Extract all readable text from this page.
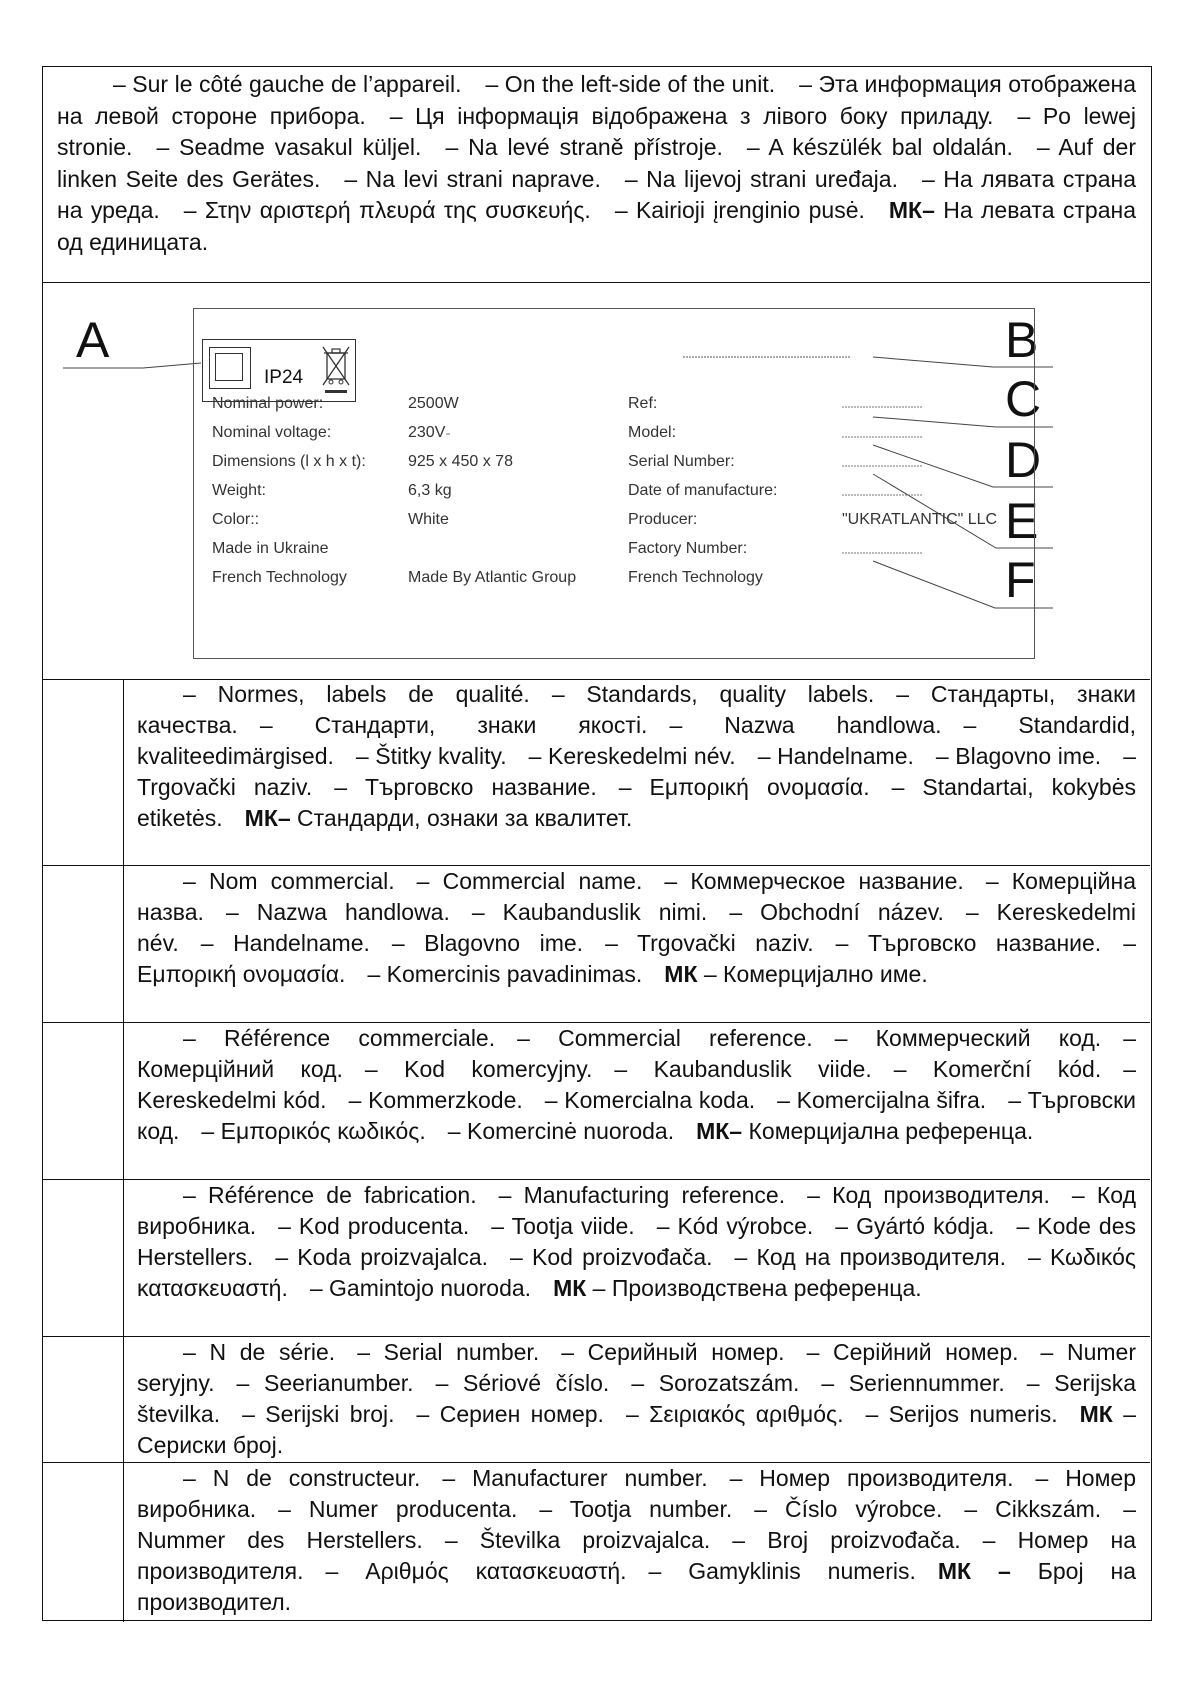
– Sur le côté gauche de l’appareil. – On the left-side of the unit. – Эта информация отображена на левой стороне прибора. – Ця інформація відображена з лівого боку приладу. – Po lewej stronie. – Seadme vasakul küljel. – Na levé straně přístroje. – A készülék bal oldalán. – Auf der linken Seite des Gerätes. – Na levi strani naprave. – Na lijevoj strani uređaja. – На лявата страна на уреда. – Στην αριστερή πλευρά της συσκευής. – Kairioji įrenginio pusė. МК– На левата страна од единицата.
A	B
C
D
E
F
IP24
Nominal power:
Nominal voltage:
Dimensions (l x h x t):
Weight:
Color::
Made in Ukraine
French Technology
2500W
230V
925 x 450 x 78
6,3 kg
White
Made By Atlantic Group
Ref:
Model:
Serial Number:
Date of manufacture:
Producer:
Factory Number:
French Technology
"UKRATLANTIC" LLC
– Normes, labels de qualité. – Standards, quality labels. – Стандарты, знаки качества. – Стандарти, знаки якості. – Nazwa handlowa. – Standardid, kvaliteedimärgised. – Štitky kvality. – Kereskedelmi név. – Handelname. – Blagovno ime. – Trgovački naziv. – Търговско название. – Εμπορική ονομασία. – Standartai, kokybės etiketės. МК– Стандарди, ознаки за квалитет.
– Nom commercial. – Commercial name. – Коммерческое название. – Комерційна назва. – Nazwa handlowa. – Kaubanduslik nimi. – Obchodní název. – Kereskedelmi név. – Handelname. – Blagovno ime. – Trgovački naziv. – Търговско название. – Εμπορική ονομασία. – Komercinis pavadinimas. МК – Комерцијално име.
– Référence commerciale. – Commercial reference. – Коммерческий код. – Комерційний код. – Kod komercyjny. – Kaubanduslik viide. – Komerční kód. – Kereskedelmi kód. – Kommerzkode. – Komercialna koda. – Komercijalna šifra. – Търговски код. – Εμπορικός κωδικός. – Komercinė nuoroda. МК– Комерцијална референца.
– Référence de fabrication. – Manufacturing reference. – Код производителя. – Код виробника. – Kod producenta. – Tootja viide. – Kód výrobce. – Gyártó kódja. – Kode des Herstellers. – Koda proizvajalca. – Kod proizvođača. – Код на производителя. – Κωδικός κατασκευαστή. – Gamintojo nuoroda. МК – Производствена референца.
– N de série. – Serial number. – Серийный номер. – Серійний номер. – Numer seryjny. – Seerianumber. – Sériové číslo. – Sorozatszám. – Seriennummer. – Serijska številka. – Serijski broj. – Сериен номер. – Σειριακός αριθμός. – Serijos numeris. МК – Сериски број.
– N de constructeur. – Manufacturer number. – Номер производителя. – Номер виробника. – Numer producenta. – Tootja number. – Číslo výrobce. – Cikkszám. – Nummer des Herstellers. – Številka proizvajalca. – Broj proizvođača. – Номер на производителя. – Αριθμός κατασκευαστή. – Gamyklinis numeris. МК – Број на производител.
